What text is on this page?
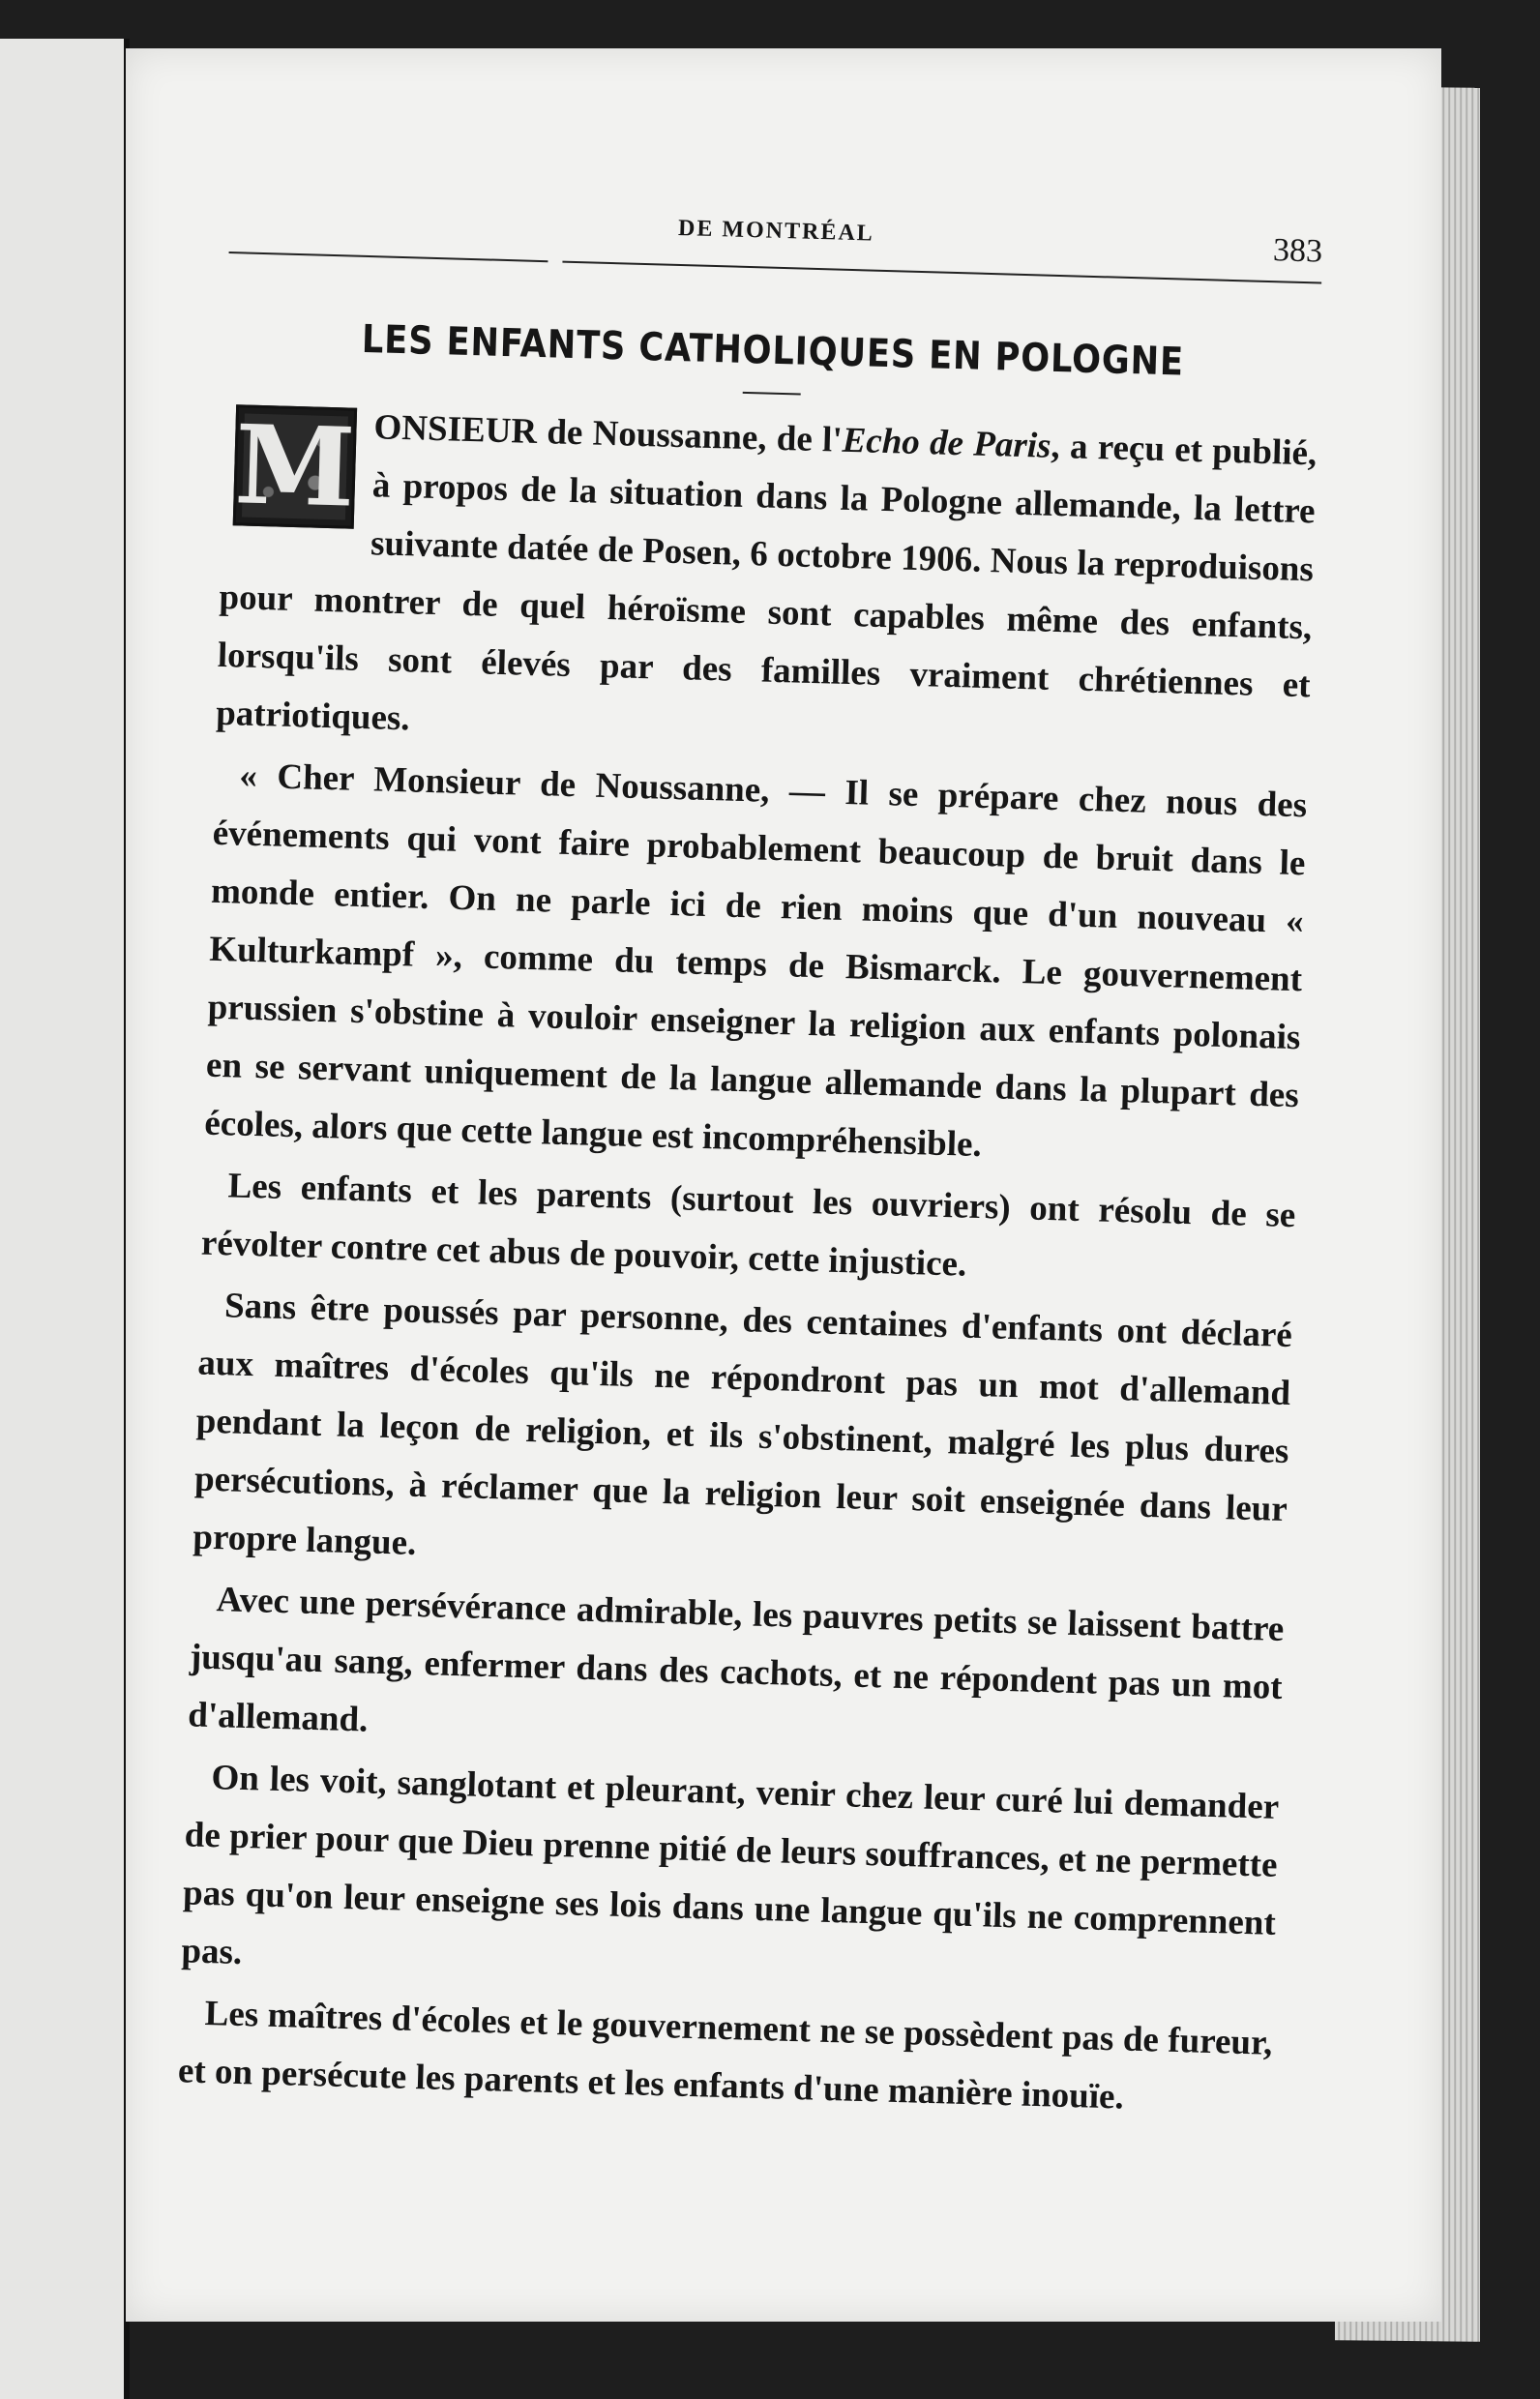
DE MONTRÉAL
383
LES ENFANTS CATHOLIQUES EN POLOGNE
M ONSIEUR de Noussanne, de l'Echo de Paris, a reçu et publié, à propos de la situation dans la Pologne allemande, la lettre suivante datée de Posen, 6 octobre 1906. Nous la reproduisons pour montrer de quel héroïsme sont capables même des enfants, lorsqu'ils sont élevés par des familles vraiment chrétiennes et patriotiques.

« Cher Monsieur de Noussanne, — Il se prépare chez nous des événements qui vont faire probablement beaucoup de bruit dans le monde entier. On ne parle ici de rien moins que d'un nouveau « Kulturkampf », comme du temps de Bismarck. Le gouvernement prussien s'obstine à vouloir enseigner la religion aux enfants polonais en se servant uniquement de la langue allemande dans la plupart des écoles, alors que cette langue est incompréhensible.

Les enfants et les parents (surtout les ouvriers) ont résolu de se révolter contre cet abus de pouvoir, cette injustice.

Sans être poussés par personne, des centaines d'enfants ont déclaré aux maîtres d'écoles qu'ils ne répondront pas un mot d'allemand pendant la leçon de religion, et ils s'obstinent, malgré les plus dures persécutions, à réclamer que la religion leur soit enseignée dans leur propre langue.

Avec une persévérance admirable, les pauvres petits se laissent battre jusqu'au sang, enfermer dans des cachots, et ne répondent pas un mot d'allemand.

On les voit, sanglotant et pleurant, venir chez leur curé lui demander de prier pour que Dieu prenne pitié de leurs souffrances, et ne permette pas qu'on leur enseigne ses lois dans une langue qu'ils ne comprennent pas.

Les maîtres d'écoles et le gouvernement ne se possèdent pas de fureur, et on persécute les parents et les enfants d'une manière inouïe.
